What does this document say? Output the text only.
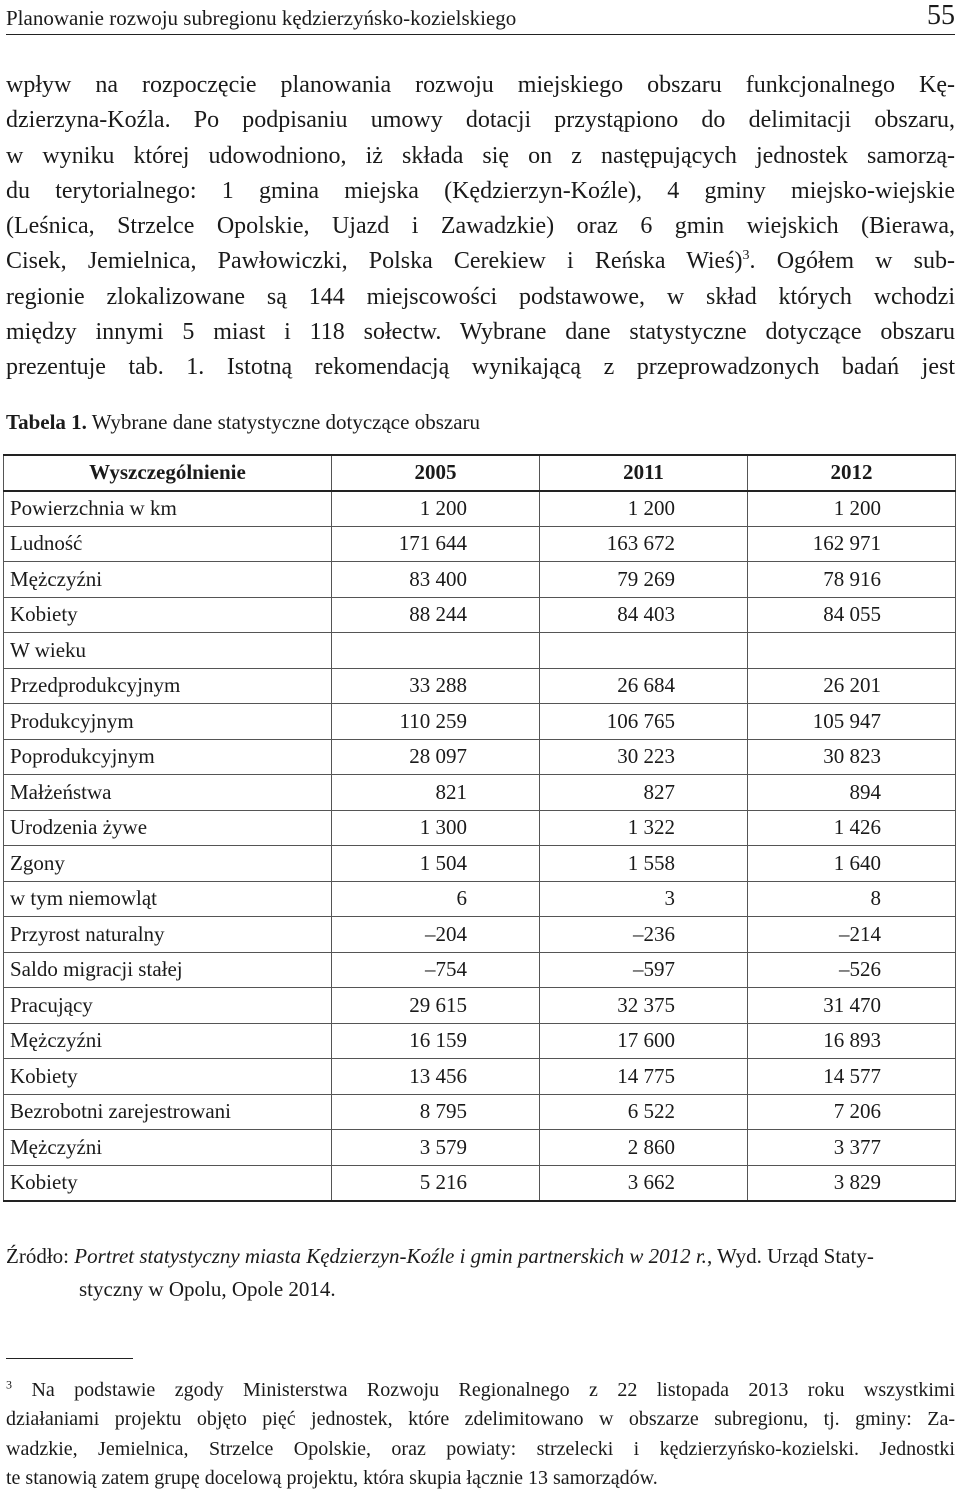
Planowanie rozwoju subregionu kędzierzyńsko-kozielskiego	55
wpływ na rozpoczęcie planowania rozwoju miejskiego obszaru funkcjonalnego Kę-
dzierzyna-Koźla. Po podpisaniu umowy dotacji przystąpiono do delimitacji obszaru,
w wyniku której udowodniono, iż składa się on z następujących jednostek samorzą-
du terytorialnego: 1 gmina miejska (Kędzierzyn-Koźle), 4 gminy miejsko-wiejskie
(Leśnica, Strzelce Opolskie, Ujazd i Zawadzkie) oraz 6 gmin wiejskich (Bierawa,
Cisek, Jemielnica, Pawłowiczki, Polska Cerekiew i Reńska Wieś)$^3$. Ogółem w sub-
regionie zlokalizowane są 144 miejscowości podstawowe, w skład których wchodzi
między innymi 5 miast i 118 sołectw. Wybrane dane statystyczne dotyczące obszaru
prezentuje tab. 1. Istotną rekomendacją wynikającą z przeprowadzonych badań jest
Tabela 1. Wybrane dane statystyczne dotyczące obszaru
Wyszczególnienie	2005	2011	2012
Powierzchnia w km	1 200	1 200	1 200
Ludność	171 644	163 672	162 971
Mężczyźni	83 400	79 269	78 916
Kobiety	88 244	84 403	84 055
W wieku			
Przedprodukcyjnym	33 288	26 684	26 201
Produkcyjnym	110 259	106 765	105 947
Poprodukcyjnym	28 097	30 223	30 823
Małżeństwa	821	827	894
Urodzenia żywe	1 300	1 322	1 426
Zgony	1 504	1 558	1 640
w tym niemowląt	6	3	8
Przyrost naturalny	–204	–236	–214
Saldo migracji stałej	–754	–597	–526
Pracujący	29 615	32 375	31 470
Mężczyźni	16 159	17 600	16 893
Kobiety	13 456	14 775	14 577
Bezrobotni zarejestrowani	8 795	6 522	7 206
Mężczyźni	3 579	2 860	3 377
Kobiety	5 216	3 662	3 829
Źródło: Portret statystyczny miasta Kędzierzyn-Koźle i gmin partnerskich w 2012 r., Wyd. Urząd Staty-
styczny w Opolu, Opole 2014.
$^3$ Na podstawie zgody Ministerstwa Rozwoju Regionalnego z 22 listopada 2013 roku wszystkimi
działaniami projektu objęto pięć jednostek, które zdelimitowano w obszarze subregionu, tj. gminy: Za-
wadzkie, Jemielnica, Strzelce Opolskie, oraz powiaty: strzelecki i kędzierzyńsko-kozielski. Jednostki
te stanowią zatem grupę docelową projektu, która skupia łącznie 13 samorządów.
